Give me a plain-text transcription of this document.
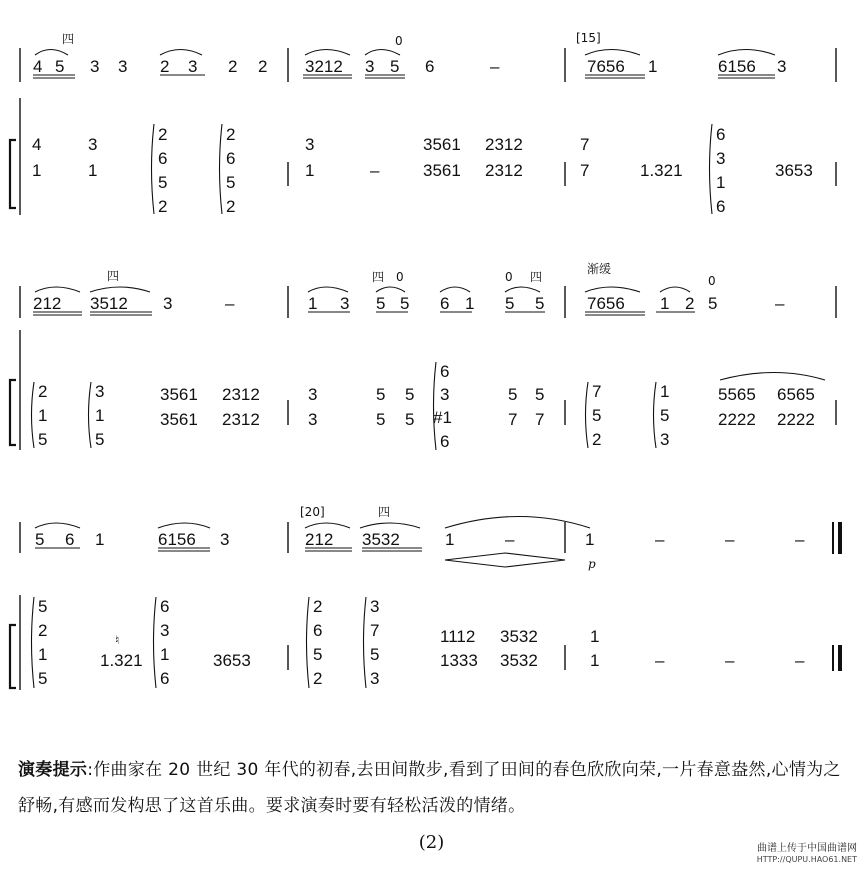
4 5 3 3 2 3 2 2 3212 3 5 6	–	7656 1	6156 3
四	0	[15]
4	3	3	3561 2312	7
1.321	3653
1	1	1	–	3561 2312	7
2
6
5
2
2
6
5
2
6
3
1
6
212 3512 3	–	1 3 5 5 6 1 5 5	7656 1 2 5	–
四	四 0	0 四
渐缓
0
3561 2312	3	5 5	5 5	5565 6565
3561 2312	3	5 5	7 7	2222 2222
2
1
5
3
1
5
6
3
#1
6
7
5
2
1
5
3
5 6 1	6156 3	212 3532	1	–	1	–	–	–
[20]	四
p
1112 3532	1
1.321	3653	1333 3532	1	–	–	–
♮
5
2
1
5
6
3
1
6
2
6
5
2
3
7
5
3
演奏提示:作曲家在 20 世纪 30 年代的初春,去田间散步,看到了田间的春色欣欣向荣,一片春意盎然,心情为之舒畅,有感而发构思了这首乐曲。要求演奏时要有轻松活泼的情绪。
(2)	曲谱上传于中国曲谱网
HTTP://QUPU.HAO61.NET
